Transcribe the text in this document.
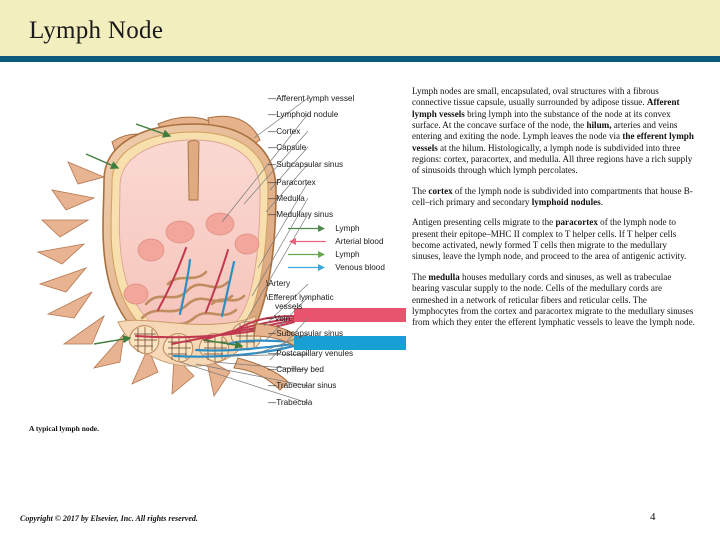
Lymph Node
—Afferent lymph vessel
—Lymphoid nodule
—Cortex
—Capsule
—Subcapsular sinus
—Paracortex
—Medulla
—Medullary sinus
\Artery
\Efferent lymphatic
vessels
—Vein
—Subcapsular sinus
—Postcapillary venules
—Capillary bed
—Trabecular sinus
—Trabecula
Lymph
Arterial blood
Lymph
Venous blood

Lymph nodes are small, encapsulated, oval structures with a fibrous connective tissue capsule, usually surrounded by adipose tissue. Afferent lymph vessels bring lymph into the substance of the node at its convex surface. At the concave surface of the node, the hilum, arteries and veins entering and exiting the node. Lymph leaves the node via the efferent lymph vessels at the hilum. Histologically, a lymph node is subdivided into three regions: cortex, paracortex, and medulla. All three regions have a rich supply of sinusoids through which lymph percolates.

The cortex of the lymph node is subdivided into compartments that house B-cell–rich primary and secondary lymphoid nodules.

Antigen presenting cells migrate to the paracortex of the lymph node to present their epitope–MHC II complex to T helper cells. If T helper cells become activated, newly formed T cells then migrate to the medullary sinuses, leave the lymph node, and proceed to the area of antigenic activity.

The medulla houses medullary cords and sinuses, as well as trabeculae bearing vascular supply to the node. Cells of the medullary cords are enmeshed in a network of reticular fibers and reticular cells. The lymphocytes from the cortex and paracortex migrate to the medullary sinuses from which they enter the efferent lymphatic vessels to leave the lymph node.

A typical lymph node.
Copyright © 2017 by Elsevier, Inc. All rights reserved.	4
